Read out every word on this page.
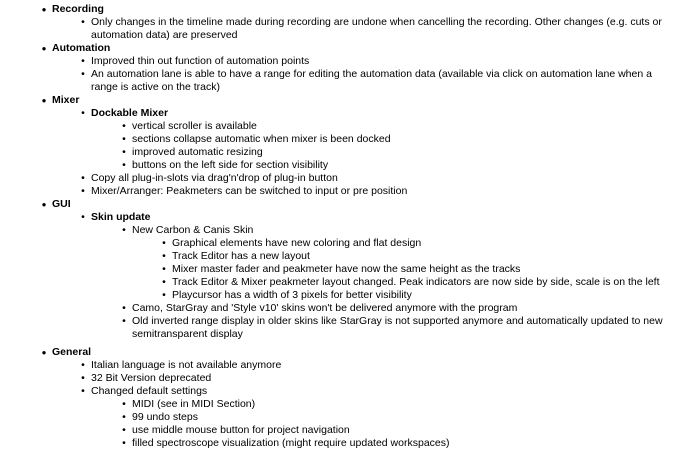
● Recording
• Only changes in the timeline made during recording are undone when cancelling the recording. Other changes (e.g. cuts or
automation data) are preserved
● Automation
• Improved thin out function of automation points
• An automation lane is able to have a range for editing the automation data (available via click on automation lane when a
range is active on the track)
● Mixer
• Dockable Mixer
• vertical scroller is available
• sections collapse automatic when mixer is been docked
• improved automatic resizing
• buttons on the left side for section visibility
• Copy all plug-in-slots via drag'n'drop of plug-in button
• Mixer/Arranger: Peakmeters can be switched to input or pre position
● GUI
• Skin update
• New Carbon & Canis Skin
• Graphical elements have new coloring and flat design
• Track Editor has a new layout
• Mixer master fader and peakmeter have now the same height as the tracks
• Track Editor & Mixer peakmeter layout changed. Peak indicators are now side by side, scale is on the left
• Playcursor has a width of 3 pixels for better visibility
• Camo, StarGray and 'Style v10' skins won't be delivered anymore with the program
• Old inverted range display in older skins like StarGray is not supported anymore and automatically updated to new
semitransparent display
● General
• Italian language is not available anymore
• 32 Bit Version deprecated
• Changed default settings
• MIDI (see in MIDI Section)
• 99 undo steps
• use middle mouse button for project navigation
• filled spectroscope visualization (might require updated workspaces)
